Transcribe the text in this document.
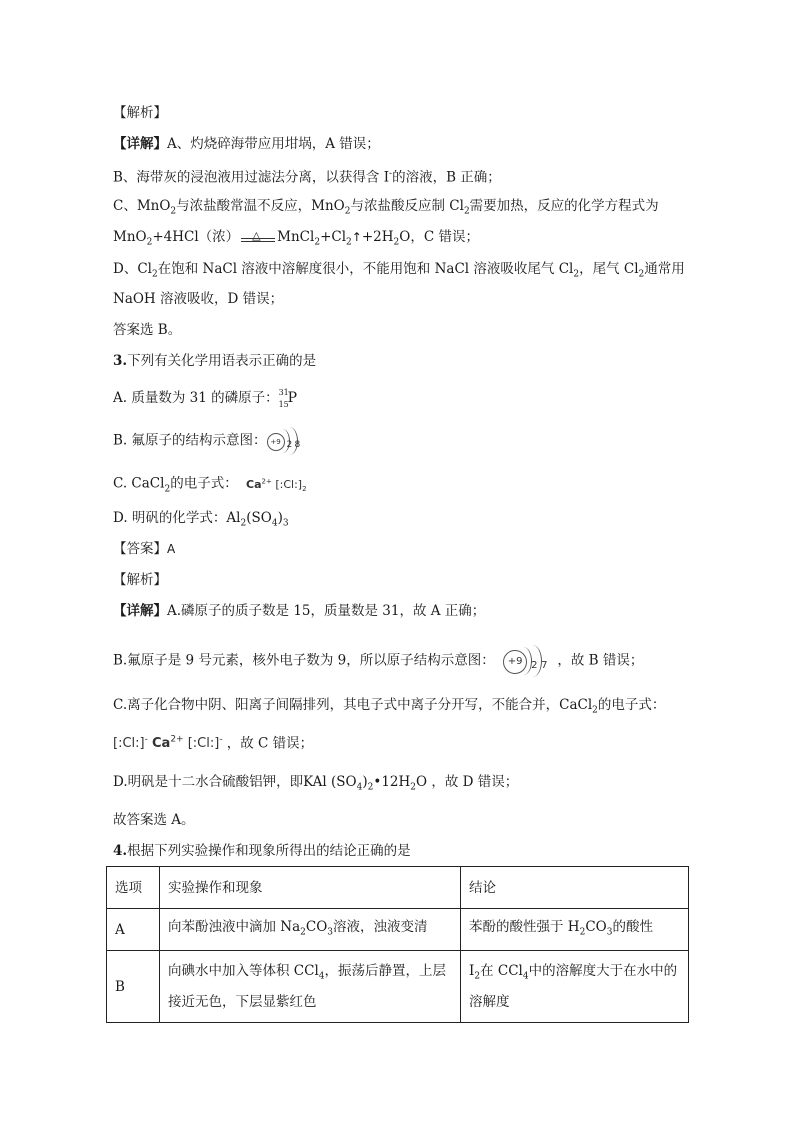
【解析】
【详解】A、灼烧碎海带应用坩埚，A 错误；
B、海带灰的浸泡液用过滤法分离，以获得含 I-的溶液，B 正确；
C、MnO$_2$与浓盐酸常温不反应，MnO$_2$与浓盐酸反应制 $Cl_2$需要加热，反应的化学方程式为
MnO$_2$+4HCl（浓） △ $MnCl_2+Cl_2↑+2H_2O$，C 错误；
D、$Cl_2$在饱和 NaCl 溶液中溶解度很小，不能用饱和 NaCl 溶液吸收尾气 $Cl_2$，尾气 $Cl_2$通常用
NaOH 溶液吸收，D 错误；
答案选 B。
3.下列有关化学用语表示正确的是
A. 质量数为 31 的磷原子： 31
15
P
B. 氟原子的结构示意图： +9 2 8
C. CaCl$_2$的电子式： $Ca^{2+}$ $[:Cl:]_2$
D. 明矾的化学式：$Al_2(SO_4)_3$
【答案】A
【解析】
【详解】A.磷原子的质子数是 15，质量数是 31，故 A 正确；
B.氟原子是 9 号元素，核外电子数为 9，所以原子结构示意图：	+9 2 7 ，故 B 错误；
C.离子化合物中阴、阳离子间隔排列，其电子式中离子分开写，不能合并，CaCl$_2$的电子式：
[:Cl:]- $Ca^{2+}$ [:Cl:]- ，故 C 错误；
D.明矾是十二水合硫酸铝钾，即KAl $(SO_4)_2•12H_2O$ ，故 D 错误；
故答案选 A。
4.根据下列实验操作和现象所得出的结论正确的是
选项	实验操作和现象	结论
A	向苯酚浊液中滴加 $Na_2CO_3$溶液，浊液变清	苯酚的酸性强于 $H_2CO_3$的酸性
B	向碘水中加入等体积 CCl$_4$，振荡后静置，上层
接近无色，下层显紫红色	$I_2$在 CCl$_4$中的溶解度大于在水中的
溶解度
